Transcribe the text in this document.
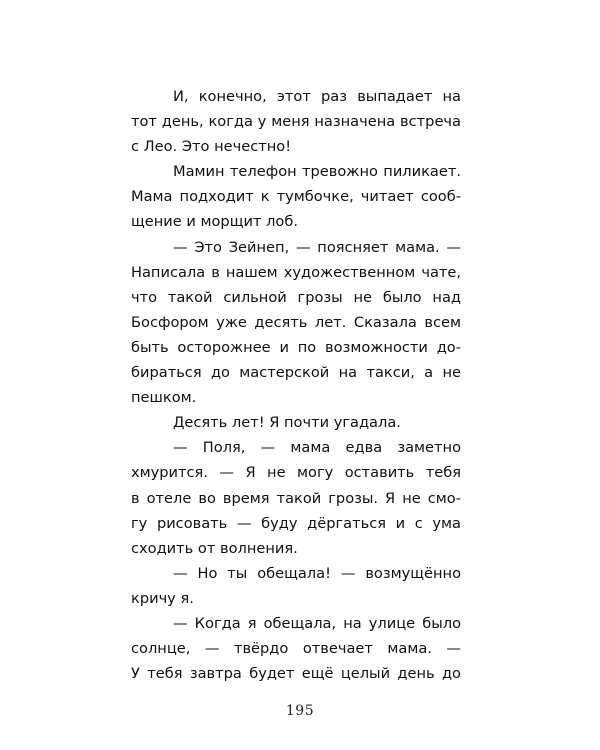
И, конечно, этот раз выпадает на
тот день, когда у меня назначена встреча
с Лео. Это нечестно!
Мамин телефон тревожно пиликает.
Мама подходит к тумбочке, читает сооб-
щение и морщит лоб.
— Это Зейнеп, — поясняет мама. —
Написала в нашем художественном чате,
что такой сильной грозы не было над
Босфором уже десять лет. Сказала всем
быть осторожнее и по возможности до-
бираться до мастерской на такси, а не
пешком.
Десять лет! Я почти угадала.
— Поля, — мама едва заметно
хмурится. — Я не могу оставить тебя
в отеле во время такой грозы. Я не смо-
гу рисовать — буду дёргаться и с ума
сходить от волнения.
— Но ты обещала! — возмущённо
кричу я.
— Когда я обещала, на улице было
солнце, — твёрдо отвечает мама. —
У тебя завтра будет ещё целый день до
195
